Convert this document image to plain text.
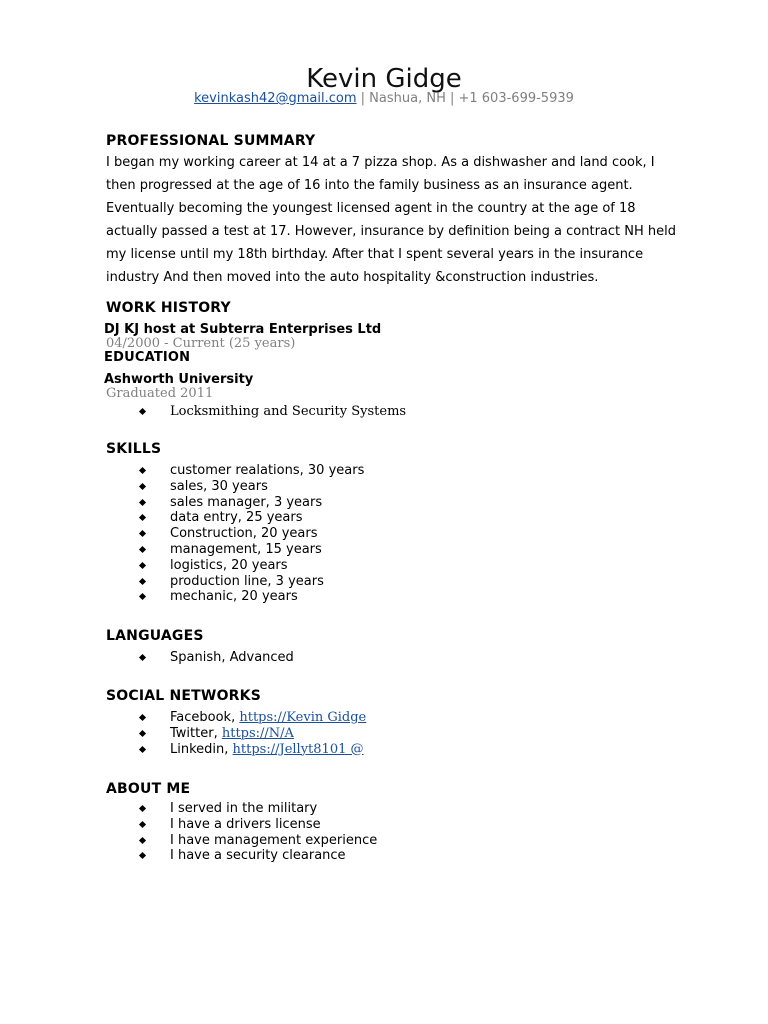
Kevin Gidge
kevinkash42@gmail.com | Nashua, NH | +1 603-699-5939
PROFESSIONAL SUMMARY
I began my working career at 14 at a 7 pizza shop. As a dishwasher and land cook, I then progressed at the age of 16 into the family business as an insurance agent. Eventually becoming the youngest licensed agent in the country at the age of 18 actually passed a test at 17. However, insurance by definition being a contract NH held my license until my 18th birthday. After that I spent several years in the insurance industry And then moved into the auto hospitality &construction industries.
WORK HISTORY
DJ KJ host at Subterra Enterprises Ltd
04/2000 - Current (25 years)
EDUCATION
Ashworth University
Graduated 2011
Locksmithing and Security Systems
SKILLS
customer realations, 30 years
sales, 30 years
sales manager, 3 years
data entry, 25 years
Construction, 20 years
management, 15 years
logistics, 20 years
production line, 3 years
mechanic, 20 years
LANGUAGES
Spanish, Advanced
SOCIAL NETWORKS
Facebook, https://Kevin Gidge
Twitter, https://N/A
Linkedin, https://Jellyt8101 @
ABOUT ME
I served in the military
I have a drivers license
I have management experience
I have a security clearance
